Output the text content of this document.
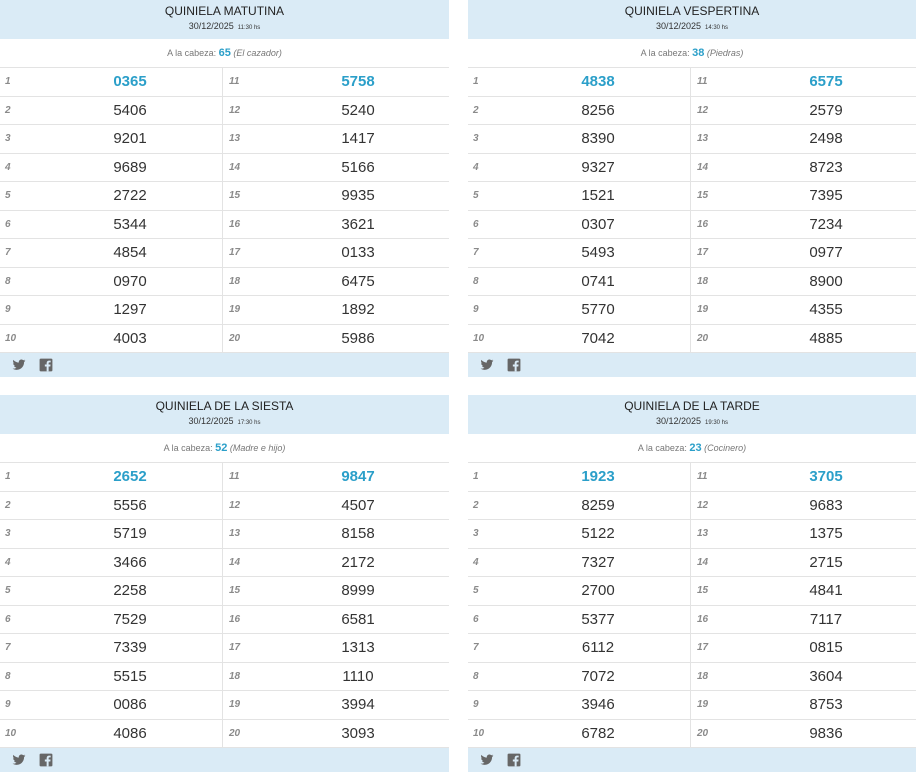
QUINIELA MATUTINA
30/12/2025 11:30 hs
A la cabeza: 65 (El cazador)
1	0365	11	5758
2	5406	12	5240
3	9201	13	1417
4	9689	14	5166
5	2722	15	9935
6	5344	16	3621
7	4854	17	0133
8	0970	18	6475
9	1297	19	1892
10	4003	20	5986
QUINIELA VESPERTINA
30/12/2025 14:30 hs
A la cabeza: 38 (Piedras)
1	4838	11	6575
2	8256	12	2579
3	8390	13	2498
4	9327	14	8723
5	1521	15	7395
6	0307	16	7234
7	5493	17	0977
8	0741	18	8900
9	5770	19	4355
10	7042	20	4885
QUINIELA DE LA SIESTA
30/12/2025 17:30 hs
A la cabeza: 52 (Madre e hijo)
1	2652	11	9847
2	5556	12	4507
3	5719	13	8158
4	3466	14	2172
5	2258	15	8999
6	7529	16	6581
7	7339	17	1313
8	5515	18	1110
9	0086	19	3994
10	4086	20	3093
QUINIELA DE LA TARDE
30/12/2025 19:30 hs
A la cabeza: 23 (Cocinero)
1	1923	11	3705
2	8259	12	9683
3	5122	13	1375
4	7327	14	2715
5	2700	15	4841
6	5377	16	7117
7	6112	17	0815
8	7072	18	3604
9	3946	19	8753
10	6782	20	9836
